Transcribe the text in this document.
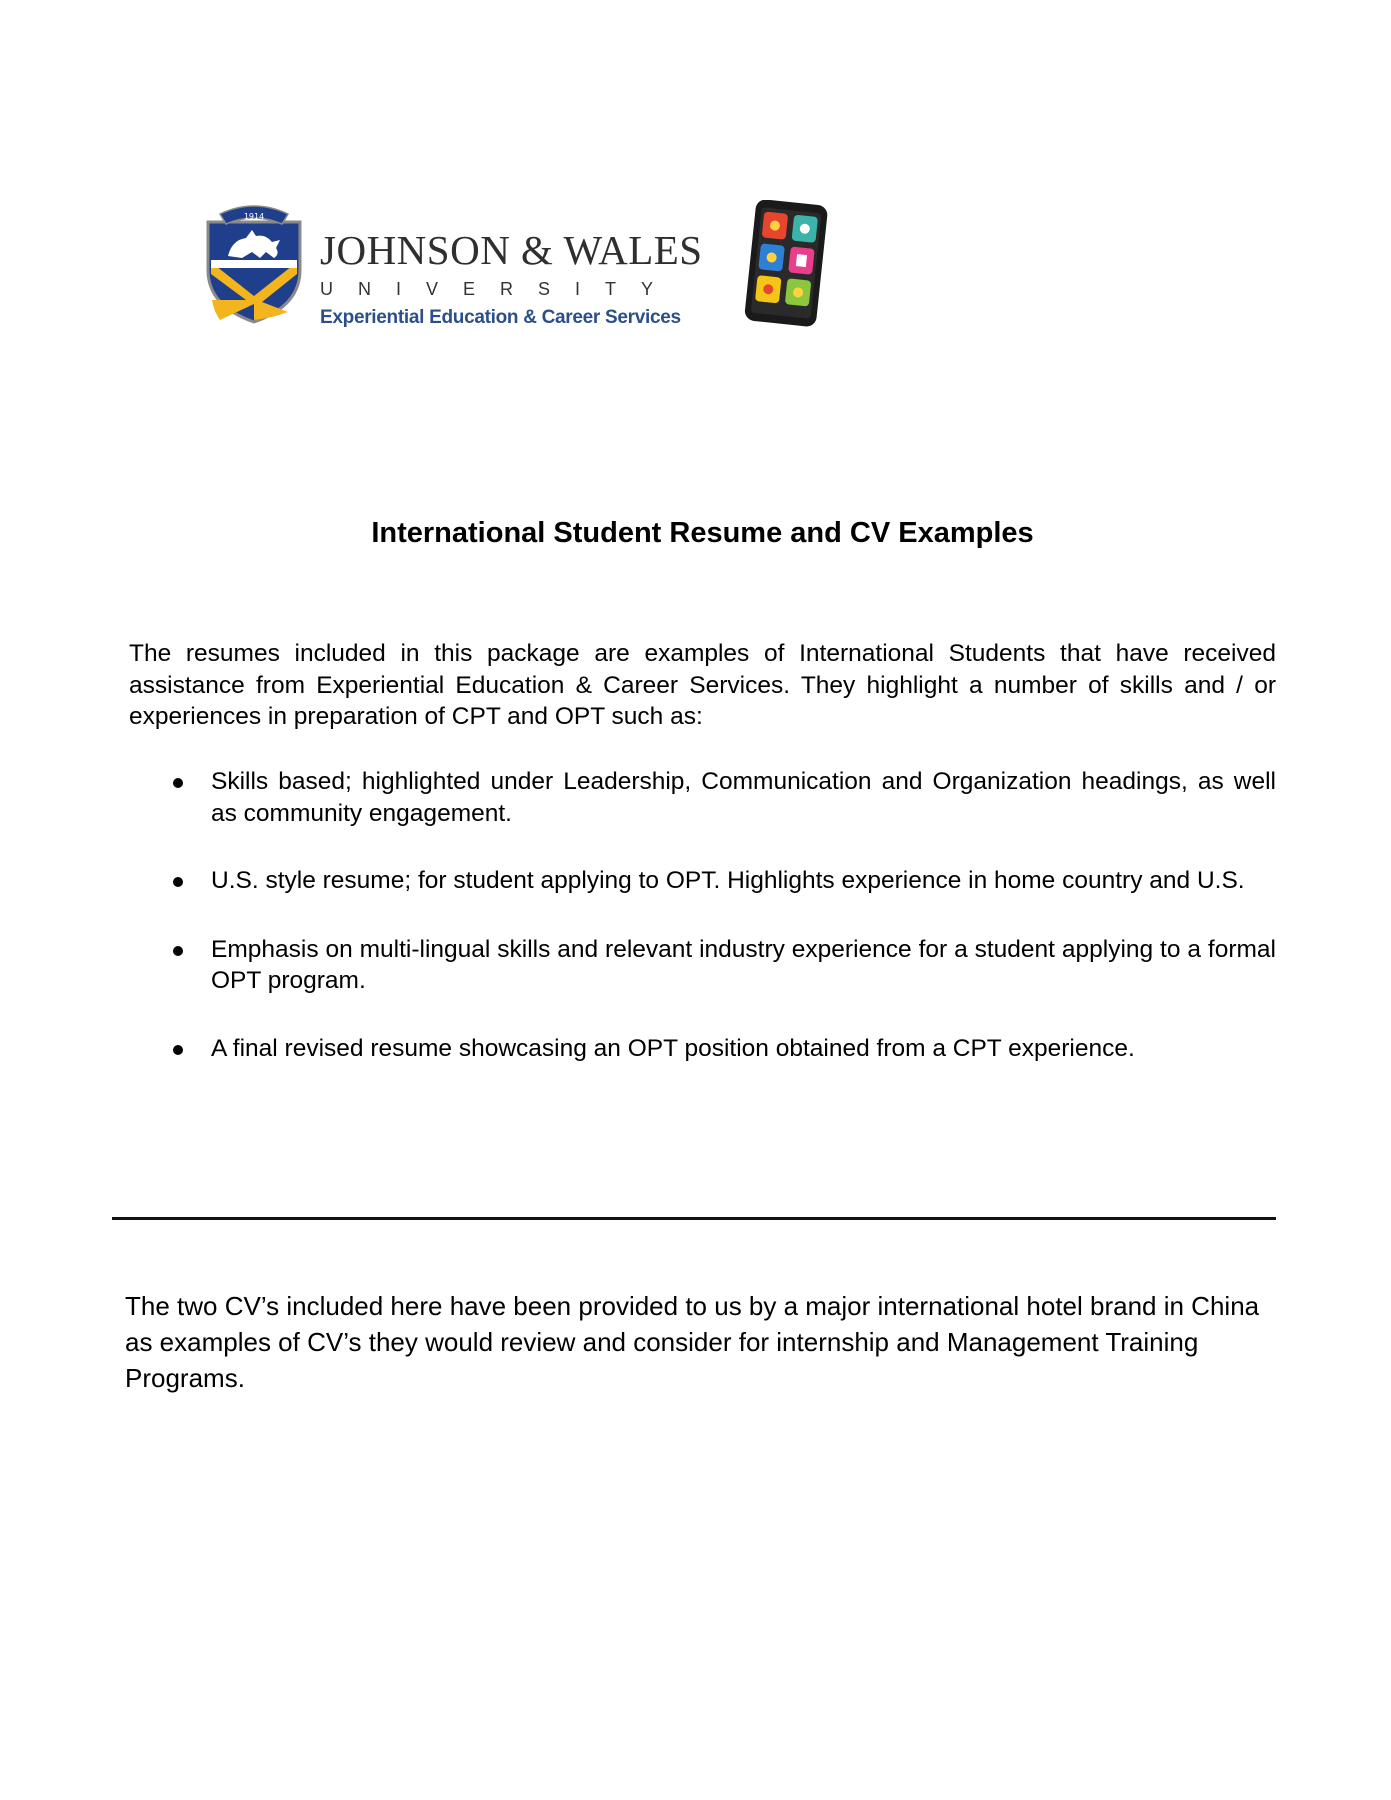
1914
JOHNSON & WALES
UNIVERSITY
Experiential Education & Career Services
International Student Resume and CV Examples

The resumes included in this package are examples of International Students that have received assistance from Experiential Education & Career Services. They highlight a number of skills and / or experiences in preparation of CPT and OPT such as:

Skills based; highlighted under Leadership, Communication and Organization headings, as well as community engagement.
U.S. style resume; for student applying to OPT. Highlights experience in home country and U.S.
Emphasis on multi-lingual skills and relevant industry experience for a student applying to a formal OPT program.
A final revised resume showcasing an OPT position obtained from a CPT experience.

The two CV’s included here have been provided to us by a major international hotel brand in China as examples of CV’s they would review and consider for internship and Management Training Programs.
